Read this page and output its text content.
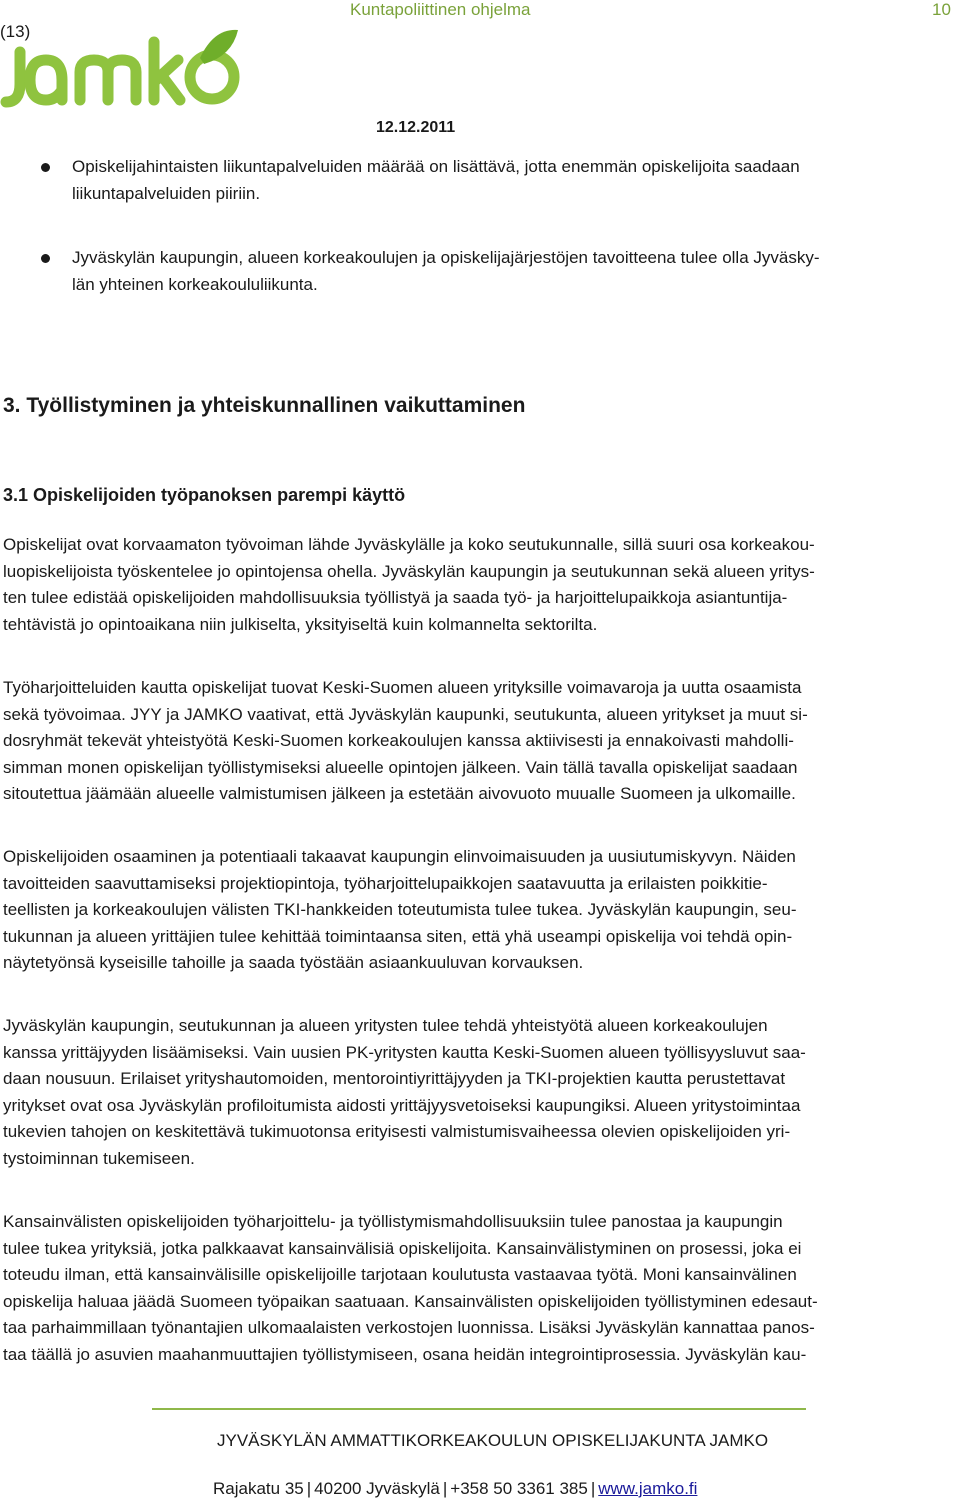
Kuntapoliittinen ohjelma	10
(13)
12.12.2011
Opiskelijahintaisten liikuntapalveluiden määrää on lisättävä, jotta enemmän opiskelijoita saadaan
liikuntapalveluiden piiriin.
Jyväskylän kaupungin, alueen korkeakoulujen ja opiskelijajärjestöjen tavoitteena tulee olla Jyväsky-
län yhteinen korkeakoululiikunta.
3. Työllistyminen ja yhteiskunnallinen vaikuttaminen
3.1 Opiskelijoiden työpanoksen parempi käyttö
Opiskelijat ovat korvaamaton työvoiman lähde Jyväskylälle ja koko seutukunnalle, sillä suuri osa korkeakou-
luopiskelijoista työskentelee jo opintojensa ohella. Jyväskylän kaupungin ja seutukunnan sekä alueen yritys-
ten tulee edistää opiskelijoiden mahdollisuuksia työllistyä ja saada työ- ja harjoittelupaikkoja asiantuntija-
tehtävistä jo opintoaikana niin julkiselta, yksityiseltä kuin kolmannelta sektorilta.
Työharjoitteluiden kautta opiskelijat tuovat Keski-Suomen alueen yrityksille voimavaroja ja uutta osaamista
sekä työvoimaa. JYY ja JAMKO vaativat, että Jyväskylän kaupunki, seutukunta, alueen yritykset ja muut si-
dosryhmät tekevät yhteistyötä Keski-Suomen korkeakoulujen kanssa aktiivisesti ja ennakoivasti mahdolli-
simman monen opiskelijan työllistymiseksi alueelle opintojen jälkeen. Vain tällä tavalla opiskelijat saadaan
sitoutettua jäämään alueelle valmistumisen jälkeen ja estetään aivovuoto muualle Suomeen ja ulkomaille.
Opiskelijoiden osaaminen ja potentiaali takaavat kaupungin elinvoimaisuuden ja uusiutumiskyvyn. Näiden
tavoitteiden saavuttamiseksi projektiopintoja, työharjoittelupaikkojen saatavuutta ja erilaisten poikkitie-
teellisten ja korkeakoulujen välisten TKI-hankkeiden toteutumista tulee tukea. Jyväskylän kaupungin, seu-
tukunnan ja alueen yrittäjien tulee kehittää toimintaansa siten, että yhä useampi opiskelija voi tehdä opin-
näytetyönsä kyseisille tahoille ja saada työstään asiaankuuluvan korvauksen.
Jyväskylän kaupungin, seutukunnan ja alueen yritysten tulee tehdä yhteistyötä alueen korkeakoulujen
kanssa yrittäjyyden lisäämiseksi. Vain uusien PK-yritysten kautta Keski-Suomen alueen työllisyysluvut saa-
daan nousuun. Erilaiset yrityshautomoiden, mentorointiyrittäjyyden ja TKI-projektien kautta perustettavat
yritykset ovat osa Jyväskylän profiloitumista aidosti yrittäjyysvetoiseksi kaupungiksi. Alueen yritystoimintaa
tukevien tahojen on keskitettävä tukimuotonsa erityisesti valmistumisvaiheessa olevien opiskelijoiden yri-
tystoiminnan tukemiseen.
Kansainvälisten opiskelijoiden työharjoittelu- ja työllistymismahdollisuuksiin tulee panostaa ja kaupungin
tulee tukea yrityksiä, jotka palkkaavat kansainvälisiä opiskelijoita. Kansainvälistyminen on prosessi, joka ei
toteudu ilman, että kansainvälisille opiskelijoille tarjotaan koulutusta vastaavaa työtä. Moni kansainvälinen
opiskelija haluaa jäädä Suomeen työpaikan saatuaan. Kansainvälisten opiskelijoiden työllistyminen edesaut-
taa parhaimmillaan työnantajien ulkomaalaisten verkostojen luonnissa. Lisäksi Jyväskylän kannattaa panos-
taa täällä jo asuvien maahanmuuttajien työllistymiseen, osana heidän integrointiprosessia. Jyväskylän kau-
JYVÄSKYLÄN AMMATTIKORKEAKOULUN OPISKELIJAKUNTA JAMKO
Rajakatu 35 | 40200 Jyväskylä | +358 50 3361 385 | www.jamko.fi
